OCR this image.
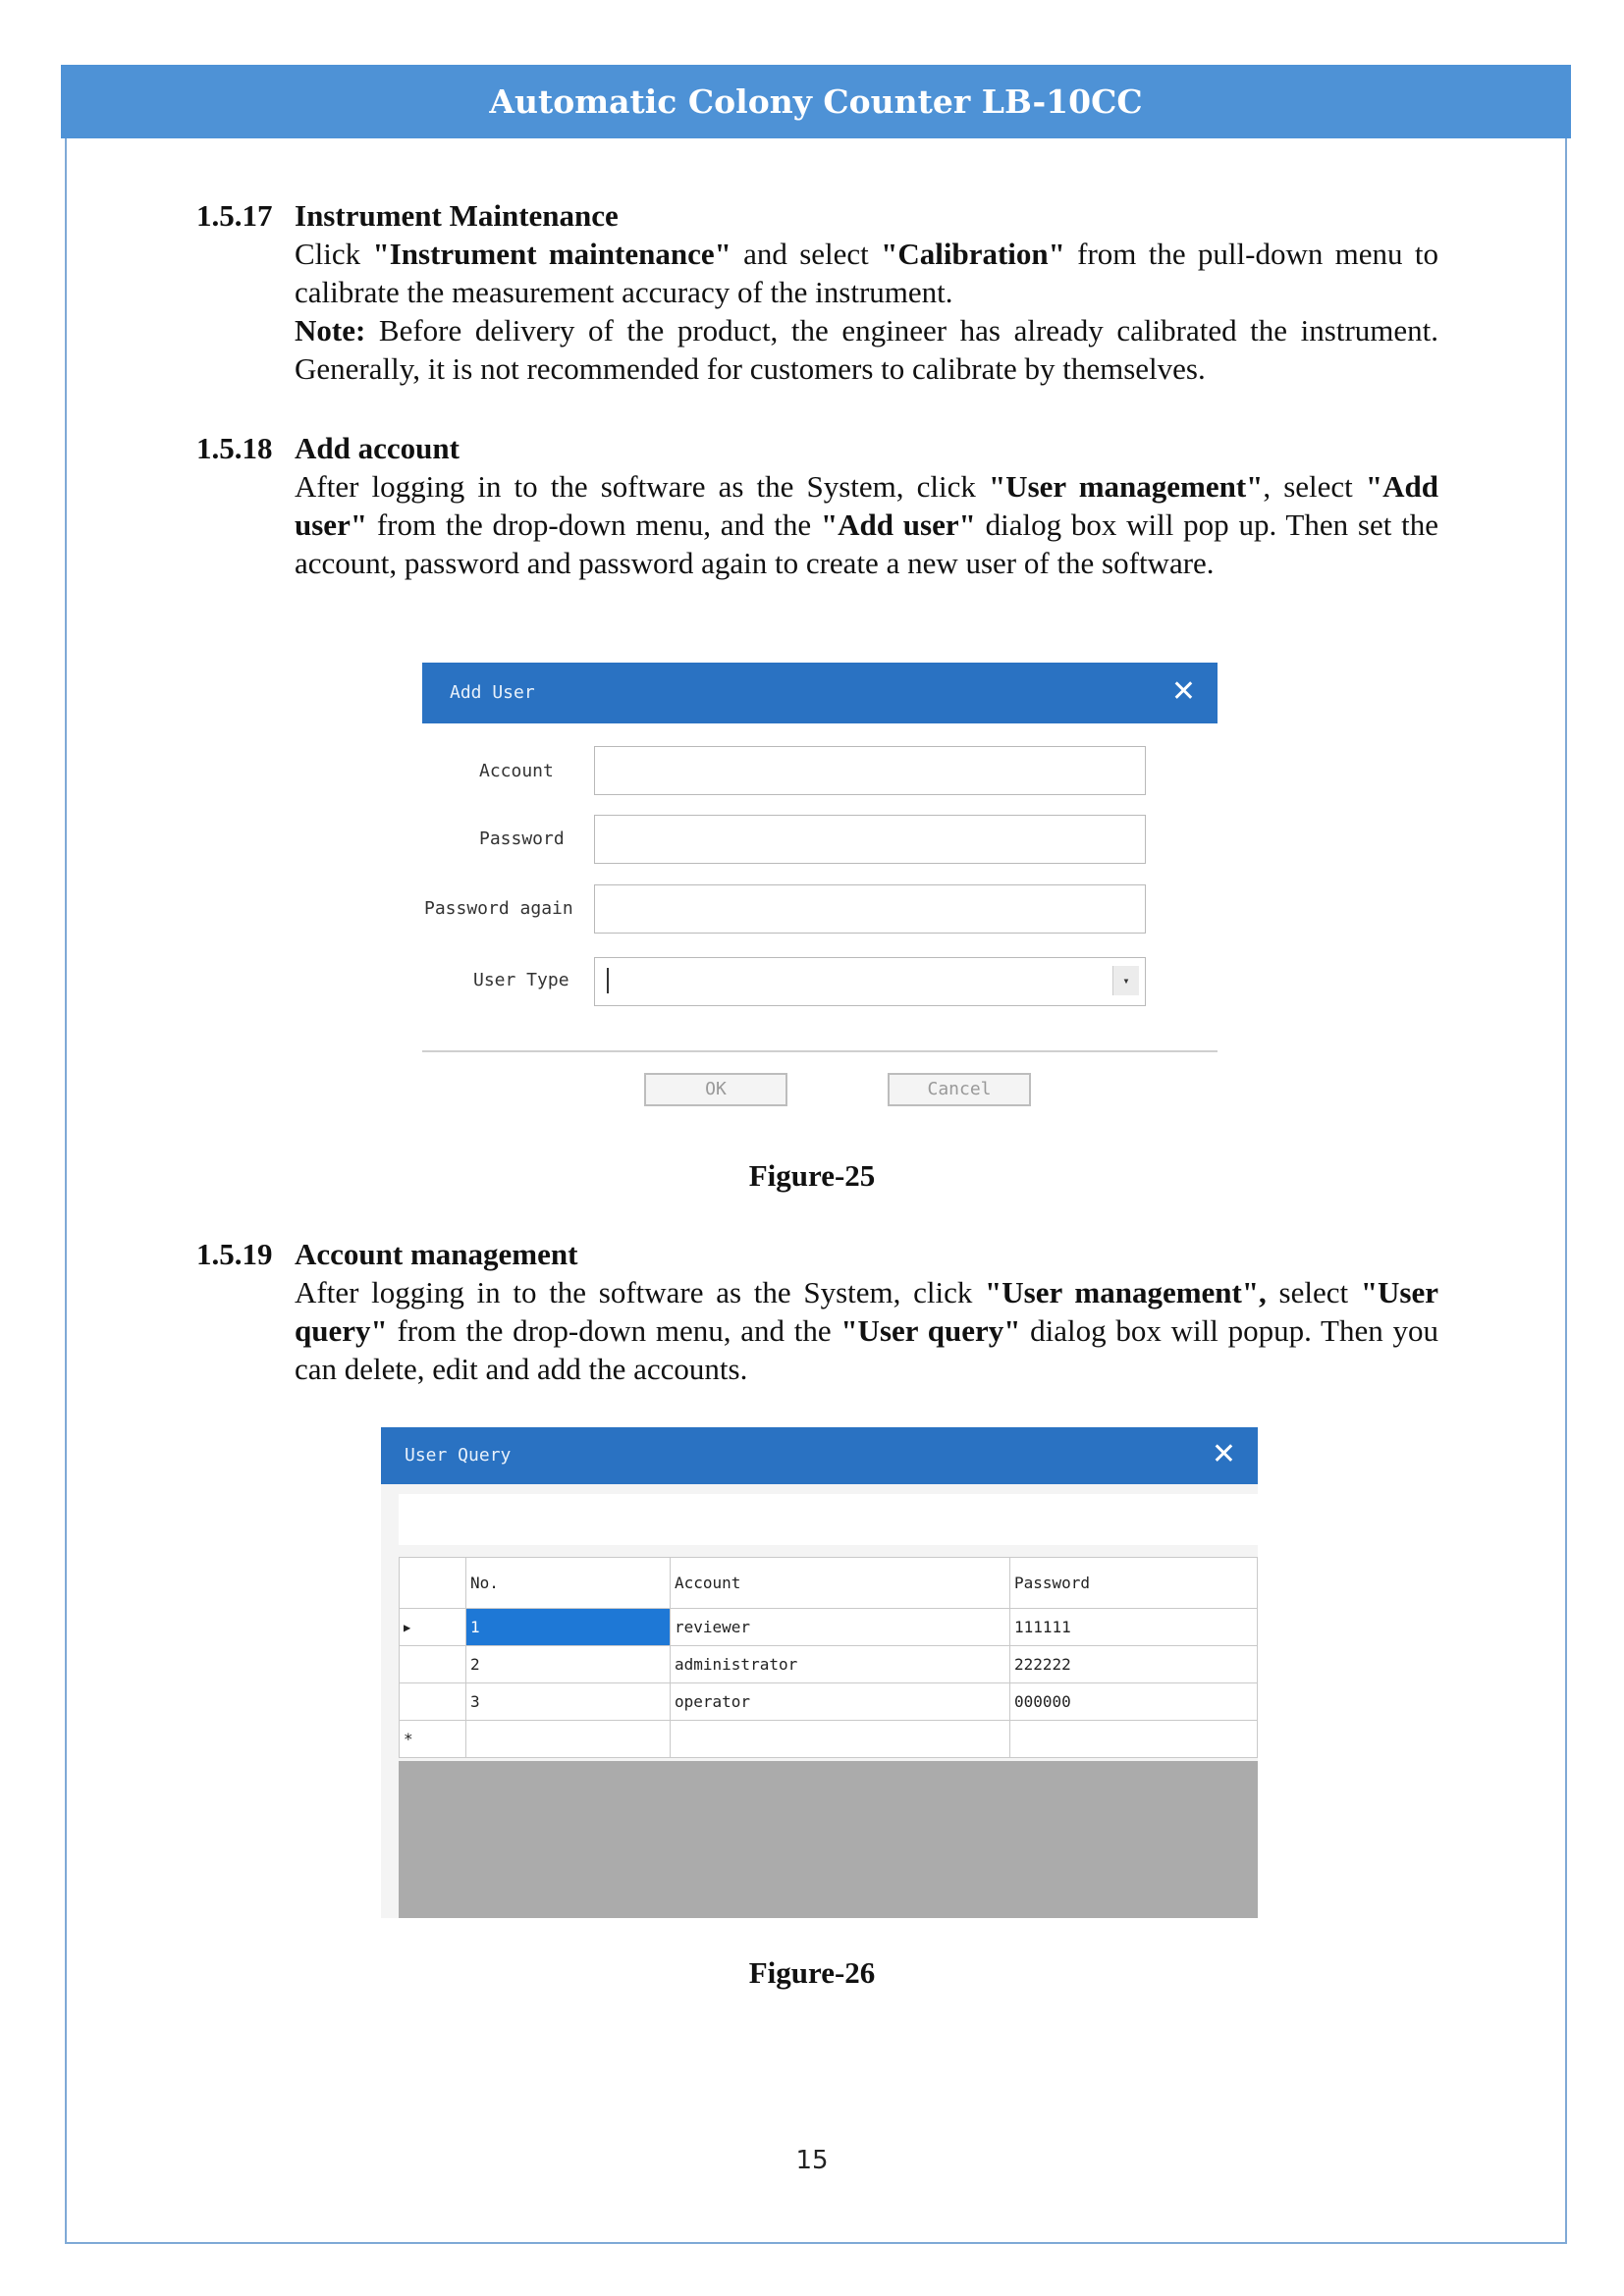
Automatic Colony Counter LB-10CC

1.5.17 Instrument Maintenance

Click "Instrument maintenance" and select "Calibration" from the pull-down menu to calibrate the measurement accuracy of the instrument.

Note: Before delivery of the product, the engineer has already calibrated the instrument. Generally, it is not recommended for customers to calibrate by themselves.

1.5.18 Add account

After logging in to the software as the System, click "User management", select "Add user" from the drop-down menu, and the "Add user" dialog box will pop up. Then set the account, password and password again to create a new user of the software.

Add User	✕
Account
Password
Password again
User Type	▾
OK	Cancel
Figure-25

1.5.19 Account management

After logging in to the software as the System, click "User management", select "User query" from the drop-down menu, and the "User query" dialog box will popup. Then you can delete, edit and add the accounts.

User Query	✕
	No.	Account	Password
▶	1	reviewer	111111
	2	administrator	222222
	3	operator	000000
*			
Figure-26
15
